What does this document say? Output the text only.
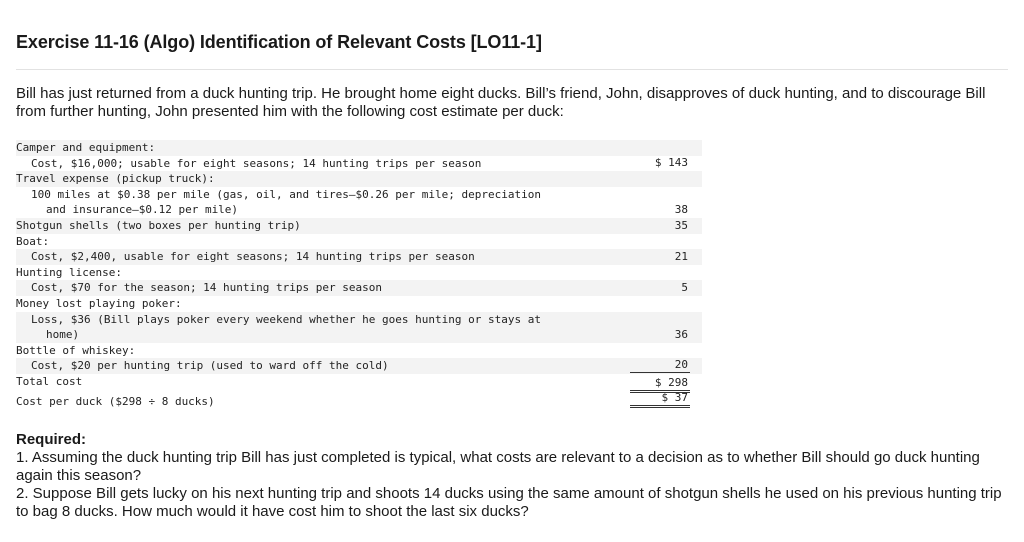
Exercise 11-16 (Algo) Identification of Relevant Costs [LO11-1]

Bill has just returned from a duck hunting trip. He brought home eight ducks. Bill’s friend, John, disapproves of duck hunting, and to discourage Bill from further hunting, John presented him with the following cost estimate per duck:

Camper and equipment:
Cost, $16,000; usable for eight seasons; 14 hunting trips per season	$ 143
Travel expense (pickup truck):
100 miles at $0.38 per mile (gas, oil, and tires—$0.26 per mile; depreciation
and insurance—$0.12 per mile)	38
Shotgun shells (two boxes per hunting trip)	35
Boat:
Cost, $2,400, usable for eight seasons; 14 hunting trips per season	21
Hunting license:
Cost, $70 for the season; 14 hunting trips per season	5
Money lost playing poker:
Loss, $36 (Bill plays poker every weekend whether he goes hunting or stays at
home)	36
Bottle of whiskey:
Cost, $20 per hunting trip (used to ward off the cold)	20
Total cost	$ 298
Cost per duck ($298 ÷ 8 ducks)	$ 37
Required:

1. Assuming the duck hunting trip Bill has just completed is typical, what costs are relevant to a decision as to whether Bill should go duck hunting again this season?

2. Suppose Bill gets lucky on his next hunting trip and shoots 14 ducks using the same amount of shotgun shells he used on his previous hunting trip to bag 8 ducks. How much would it have cost him to shoot the last six ducks?
